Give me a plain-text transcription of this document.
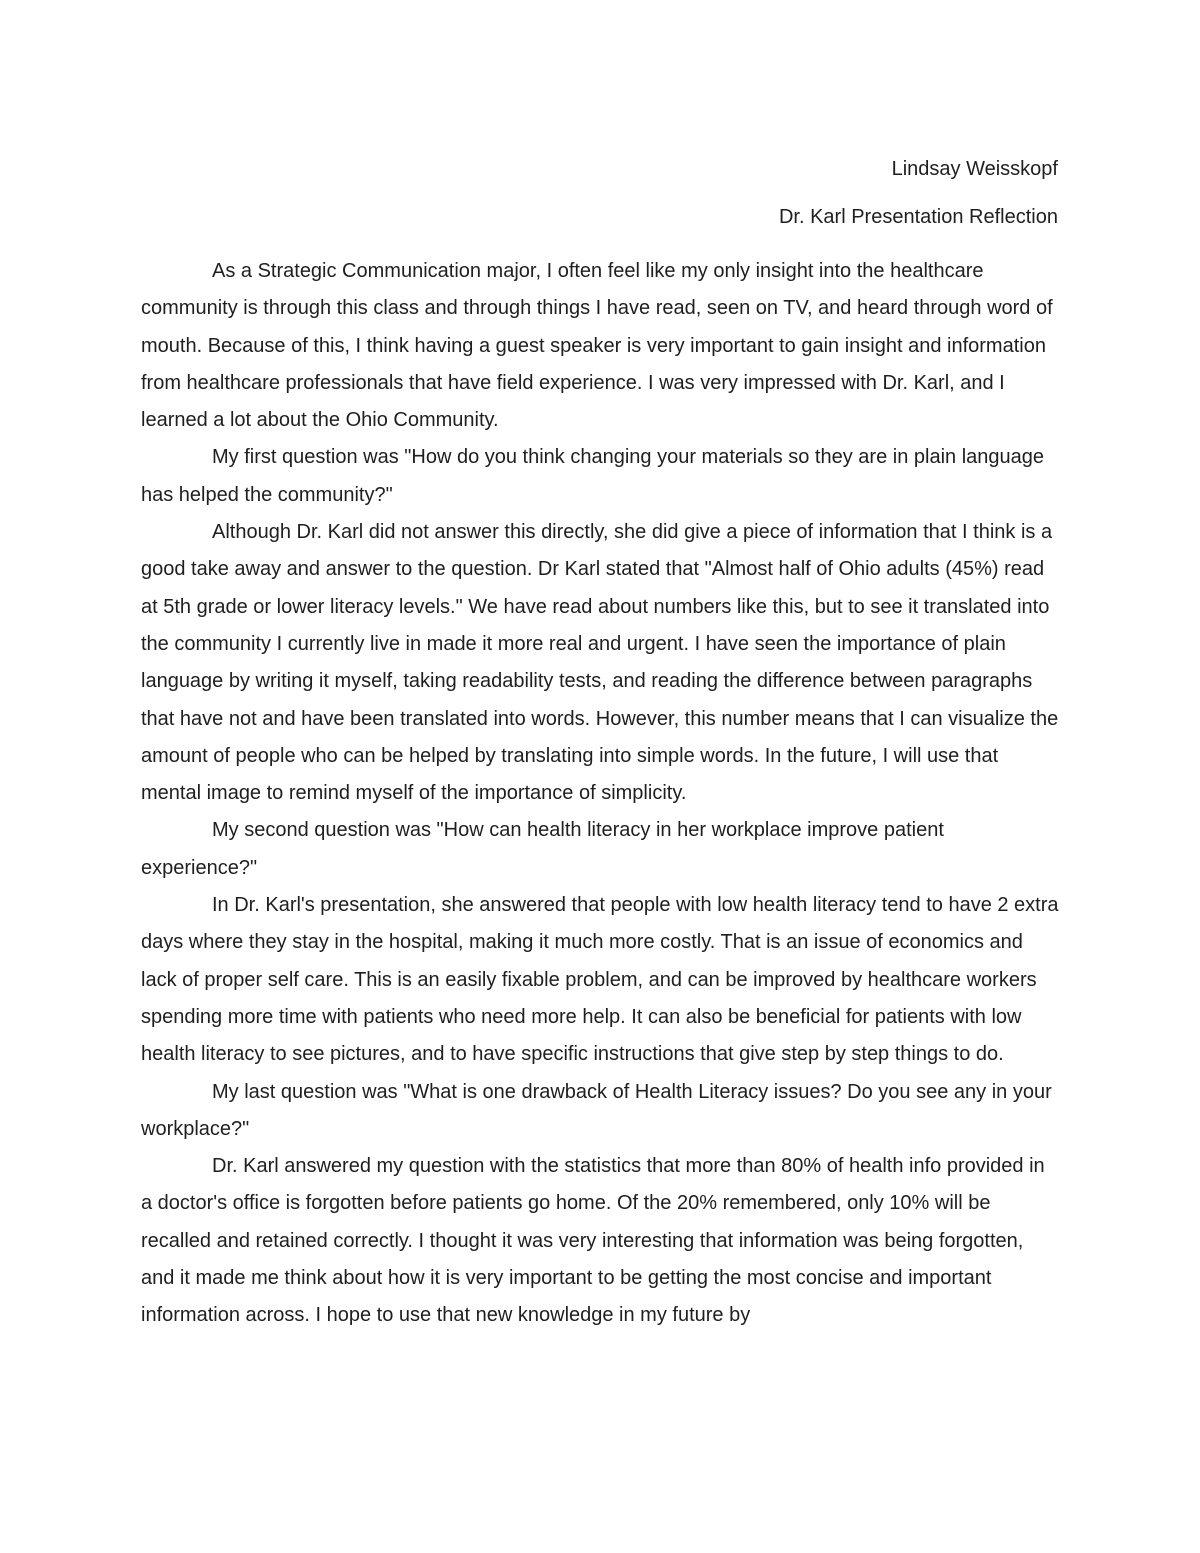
Lindsay Weisskopf
Dr. Karl Presentation Reflection

As a Strategic Communication major, I often feel like my only insight into the healthcare community is through this class and through things I have read, seen on TV, and heard through word of mouth. Because of this, I think having a guest speaker is very important to gain insight and information from healthcare professionals that have field experience. I was very impressed with Dr. Karl, and I learned a lot about the Ohio Community.

My first question was "How do you think changing your materials so they are in plain language has helped the community?"

Although Dr. Karl did not answer this directly, she did give a piece of information that I think is a good take away and answer to the question. Dr Karl stated that "Almost half of Ohio adults (45%) read at 5th grade or lower literacy levels." We have read about numbers like this, but to see it translated into the community I currently live in made it more real and urgent. I have seen the importance of plain language by writing it myself, taking readability tests, and reading the difference between paragraphs that have not and have been translated into words. However, this number means that I can visualize the amount of people who can be helped by translating into simple words. In the future, I will use that mental image to remind myself of the importance of simplicity.

My second question was "How can health literacy in her workplace improve patient experience?"

In Dr. Karl's presentation, she answered that people with low health literacy tend to have 2 extra days where they stay in the hospital, making it much more costly. That is an issue of economics and lack of proper self care. This is an easily fixable problem, and can be improved by healthcare workers spending more time with patients who need more help. It can also be beneficial for patients with low health literacy to see pictures, and to have specific instructions that give step by step things to do.

My last question was "What is one drawback of Health Literacy issues? Do you see any in your workplace?"

Dr. Karl answered my question with the statistics that more than 80% of health info provided in a doctor's office is forgotten before patients go home. Of the 20% remembered, only 10% will be recalled and retained correctly. I thought it was very interesting that information was being forgotten, and it made me think about how it is very important to be getting the most concise and important information across. I hope to use that new knowledge in my future by
